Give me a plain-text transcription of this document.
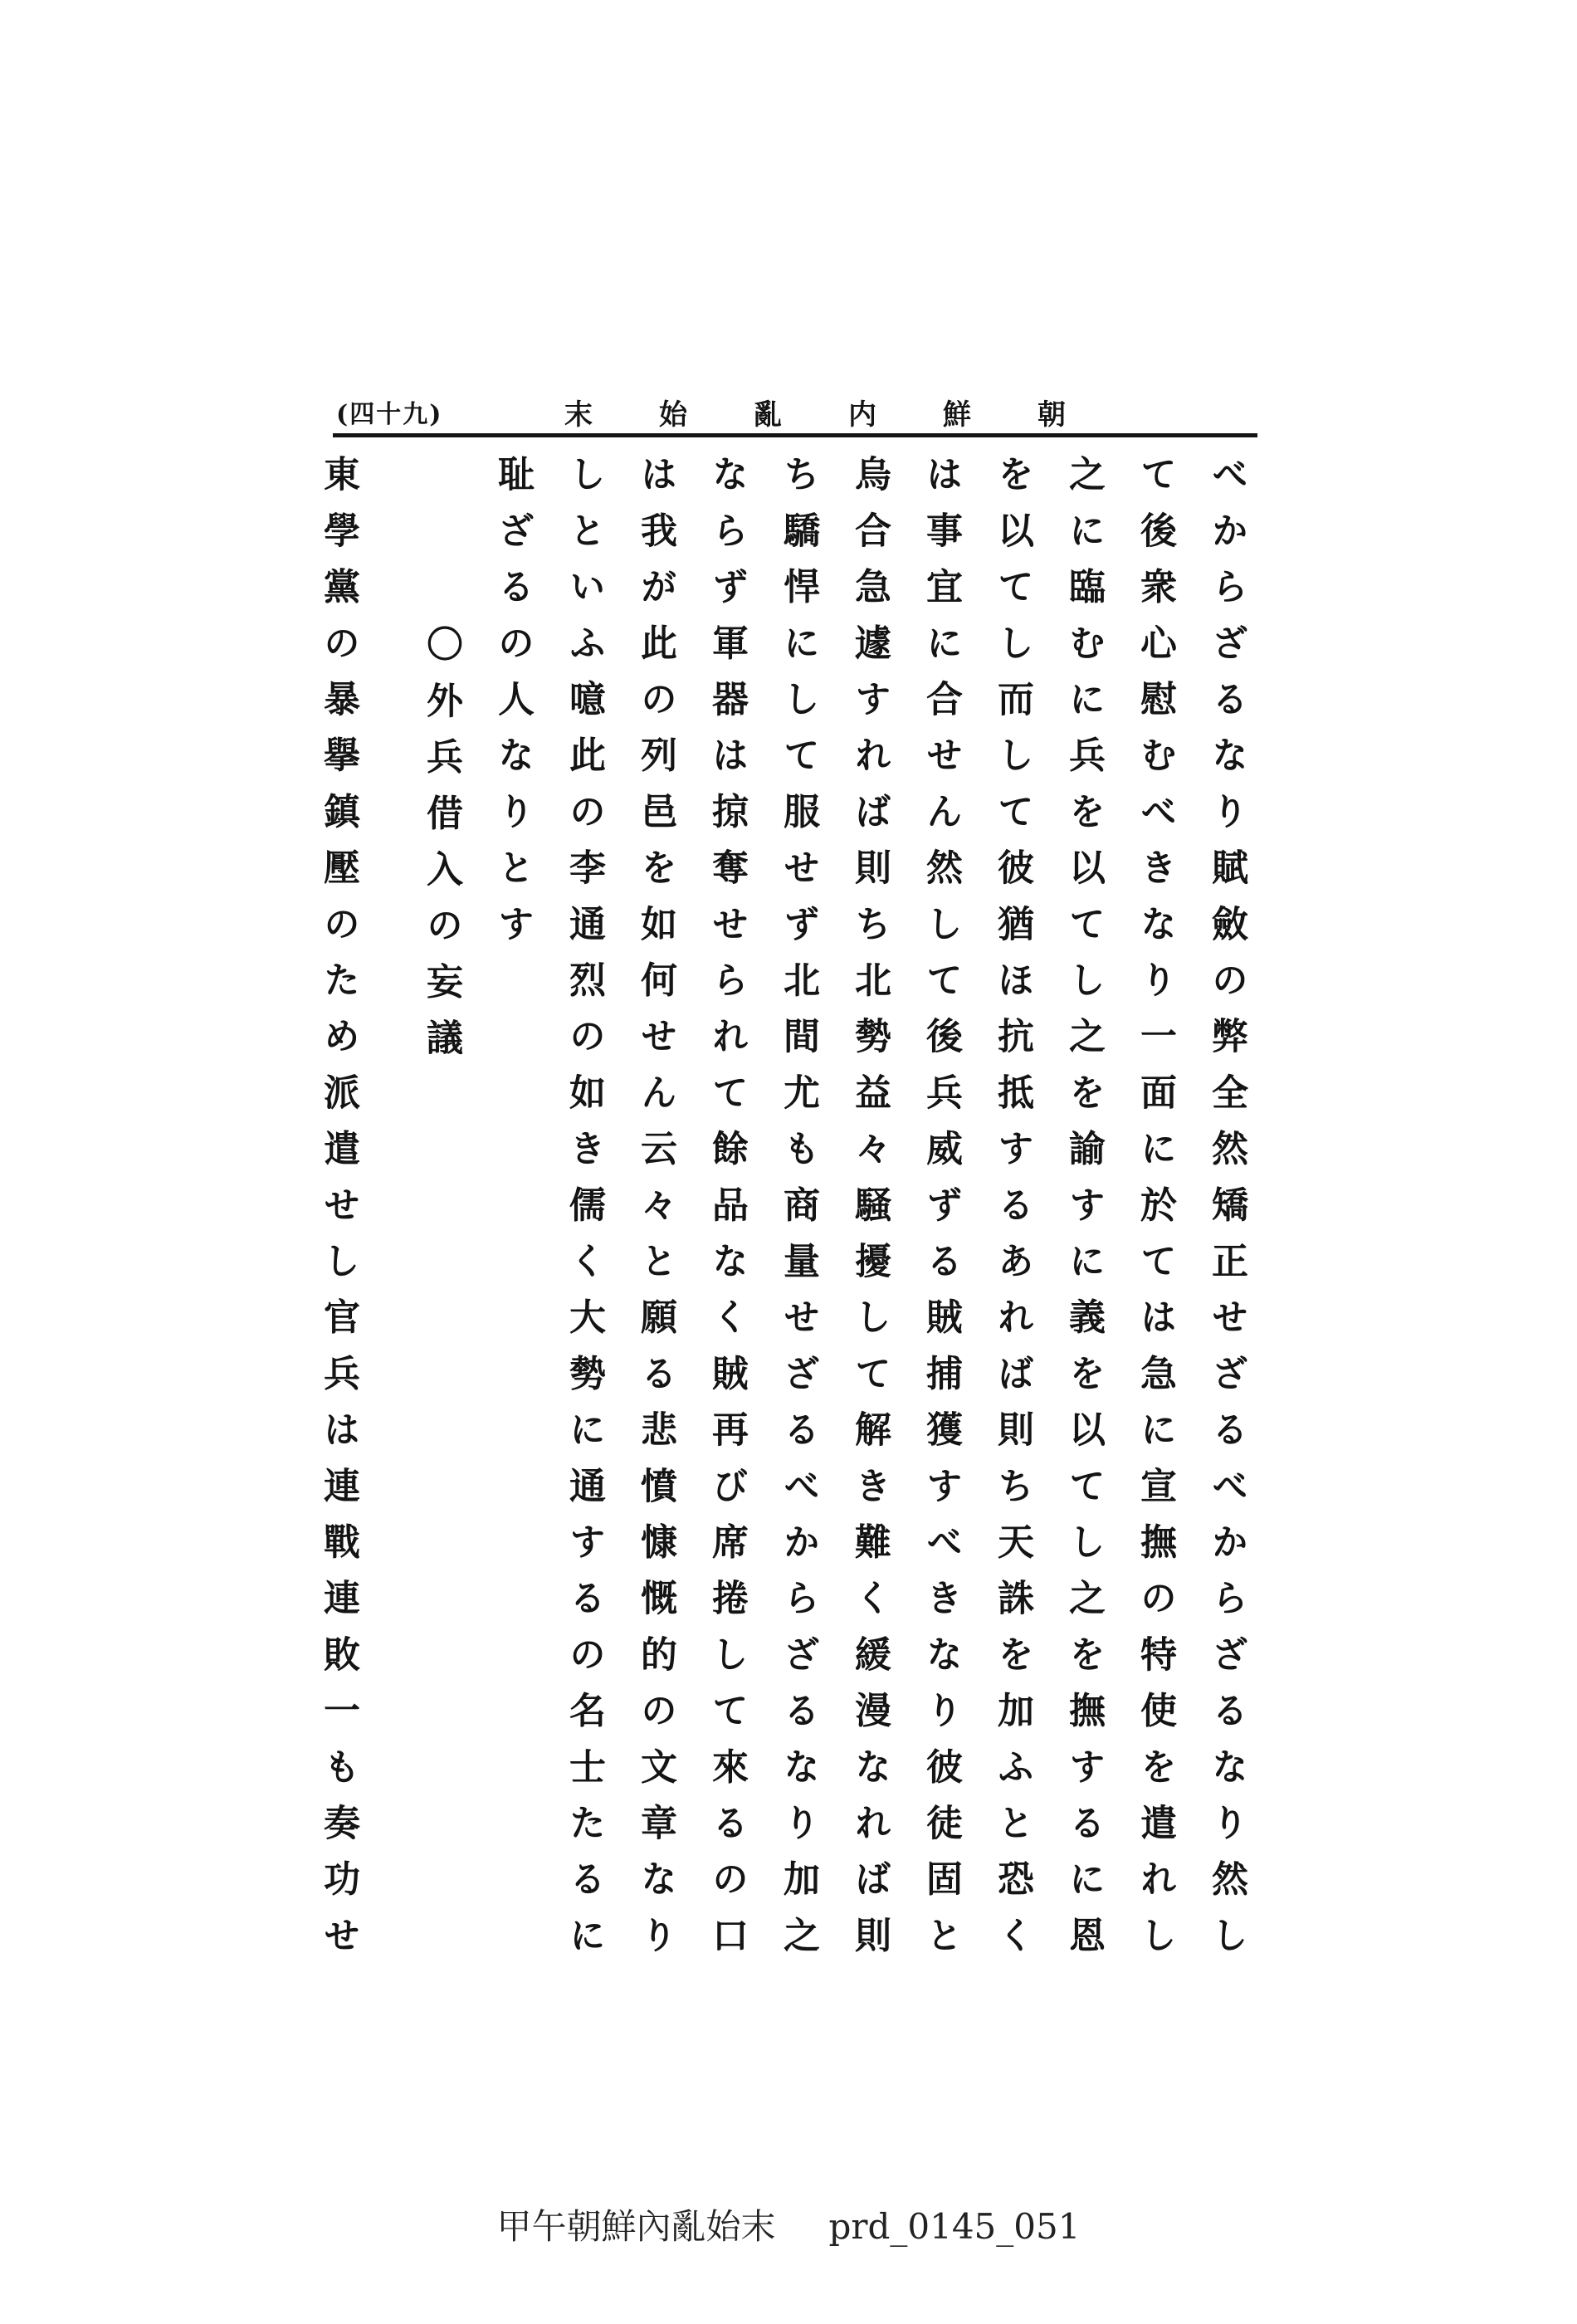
(四十九)	末 始 亂 内 鮮 朝
べからざるなり賦斂の弊全然矯正せざるべからざるなり然し
て後衆心慰むべきなり一面に於ては急に宣撫の特使を遣れし
之に臨むに兵を以てし之を諭すに義を以てし之を撫するに恩
を以てし而して彼猶ほ抗抵するあれば則ち天誅を加ふと恐く
は事宜に合せん然して後兵威ずる賊捕獲すべきなり彼徒固と
烏合急遽すれば則ち北勢益々騒擾して解き難く緩漫なれば則
ち驕悍にして服せず北間尤も商量せざるべからざるなり加之
ならず軍器は掠奪せられて餘品なく賊再び席捲して來るの口
は我が此の列邑を如何せん云々と願る悲憤慷慨的の文章なり
しといふ噫此の李通烈の如き儒く大勢に通するの名士たるに
耻ざるの人なりとす
〇外兵借入の妄議
東學黨の暴擧鎮壓のため派遣せし官兵は連戰連敗一も奏功せ
甲午朝鮮內亂始末 prd_0145_051
